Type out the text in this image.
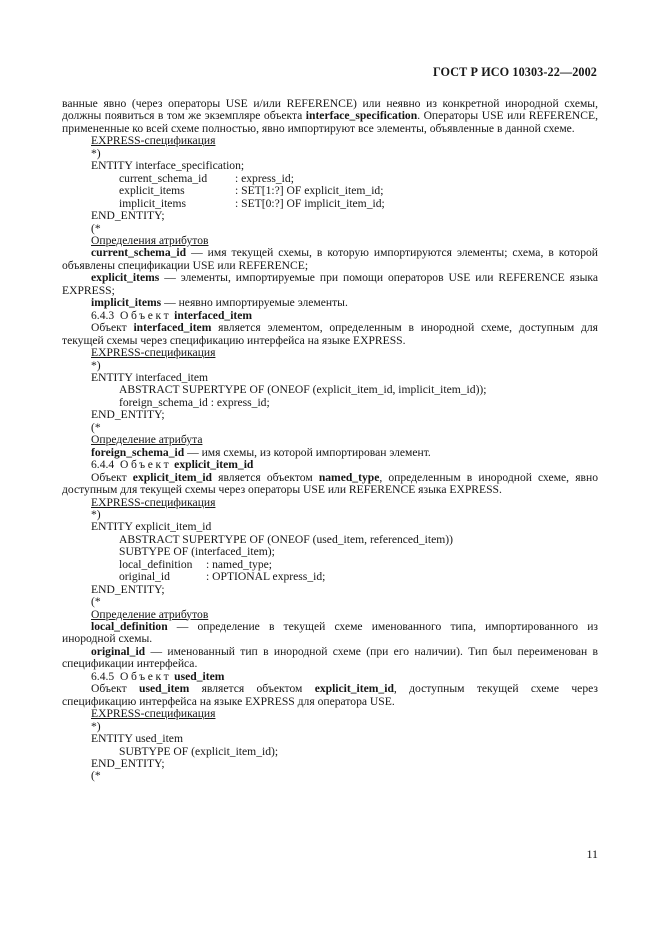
ГОСТ Р ИСО 10303-22—2002

ванные явно (через операторы USE и/или REFERENCE) или неявно из конкретной инородной схемы, должны появиться в том же экземпляре объекта interface_specification. Операторы USE или REFERENCE, примененные ко всей схеме полностью, явно импортируют все элементы, объявленные в данной схеме.

EXPRESS-спецификация

*)

ENTITY interface_specification;

current_schema_id : express_id;

explicit_items	: SET[1:?] OF explicit_item_id;

implicit_items	: SET[0:?] OF implicit_item_id;

END_ENTITY;

(*

Определения атрибутов

current_schema_id — имя текущей схемы, в которую импортируются элементы; схема, в которой объявлены спецификации USE или REFERENCE;

explicit_items — элементы, импортируемые при помощи операторов USE или REFERENCE языка EXPRESS;

implicit_items — неявно импортируемые элементы.

6.4.3 Объект interfaced_item

Объект interfaced_item является элементом, определенным в инородной схеме, доступным для текущей схемы через спецификацию интерфейса на языке EXPRESS.

EXPRESS-спецификация

*)

ENTITY interfaced_item

ABSTRACT SUPERTYPE OF (ONEOF (explicit_item_id, implicit_item_id));

foreign_schema_id : express_id;

END_ENTITY;

(*

Определение атрибута

foreign_schema_id — имя схемы, из которой импортирован элемент.

6.4.4 Объект explicit_item_id

Объект explicit_item_id является объектом named_type, определенным в инородной схеме, явно доступным для текущей схемы через операторы USE или REFERENCE языка EXPRESS.

EXPRESS-спецификация

*)

ENTITY explicit_item_id

ABSTRACT SUPERTYPE OF (ONEOF (used_item, referenced_item))

SUBTYPE OF (interfaced_item);

local_definition : named_type;

original_id	: OPTIONAL express_id;

END_ENTITY;

(*

Определение атрибутов

local_definition — определение в текущей схеме именованного типа, импортированного из инородной схемы.

original_id — именованный тип в инородной схеме (при его наличии). Тип был переименован в спецификации интерфейса.

6.4.5 Объект used_item

Объект used_item является объектом explicit_item_id, доступным текущей схеме через спецификацию интерфейса на языке EXPRESS для оператора USE.

EXPRESS-спецификация

*)

ENTITY used_item

SUBTYPE OF (explicit_item_id);

END_ENTITY;

(*

11
